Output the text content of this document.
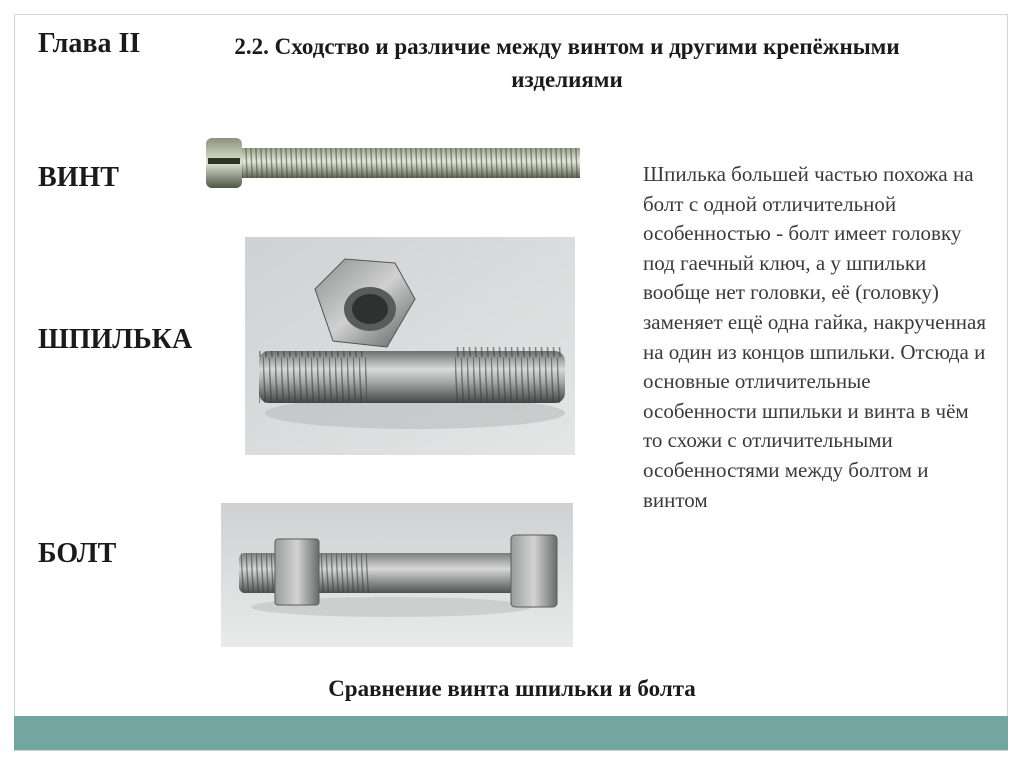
Глава II	2.2. Сходство и различие между винтом и другими крепёжными изделиями
ВИНТ
ШПИЛЬКА
БОЛТ
Шпилька большей частью похожа на болт с одной отличительной особенностью - болт имеет головку под гаечный ключ, а у шпильки вообще нет головки, её (головку) заменяет ещё одна гайка, накрученная на один из концов шпильки. Отсюда и основные отличительные особенности шпильки и винта в чём то схожи с отличительными особенностями между болтом и винтом
Сравнение винта шпильки и болта
